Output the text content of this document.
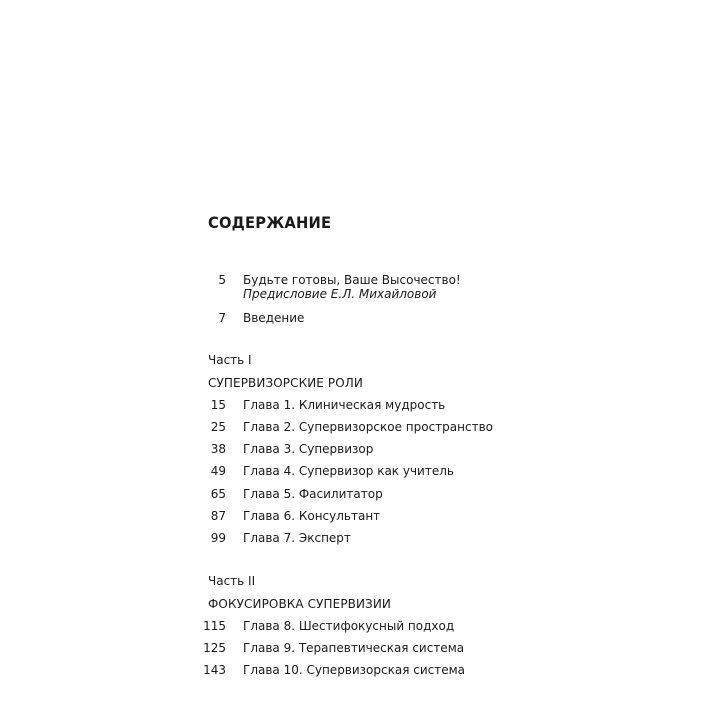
СОДЕРЖАНИЕ
5 Будьте готовы, Ваше Высочество!
Предисловие Е.Л. Михайловой
7 Введение
Часть I
СУПЕРВИЗОРСКИЕ РОЛИ
15 Глава 1. Клиническая мудрость
25 Глава 2. Супервизорское пространство
38 Глава 3. Супервизор
49 Глава 4. Супервизор как учитель
65 Глава 5. Фасилитатор
87 Глава 6. Консультант
99 Глава 7. Эксперт
Часть II
ФОКУСИРОВКА СУПЕРВИЗИИ
115 Глава 8. Шестифокусный подход
125 Глава 9. Терапевтическая система
143 Глава 10. Супервизорская система
